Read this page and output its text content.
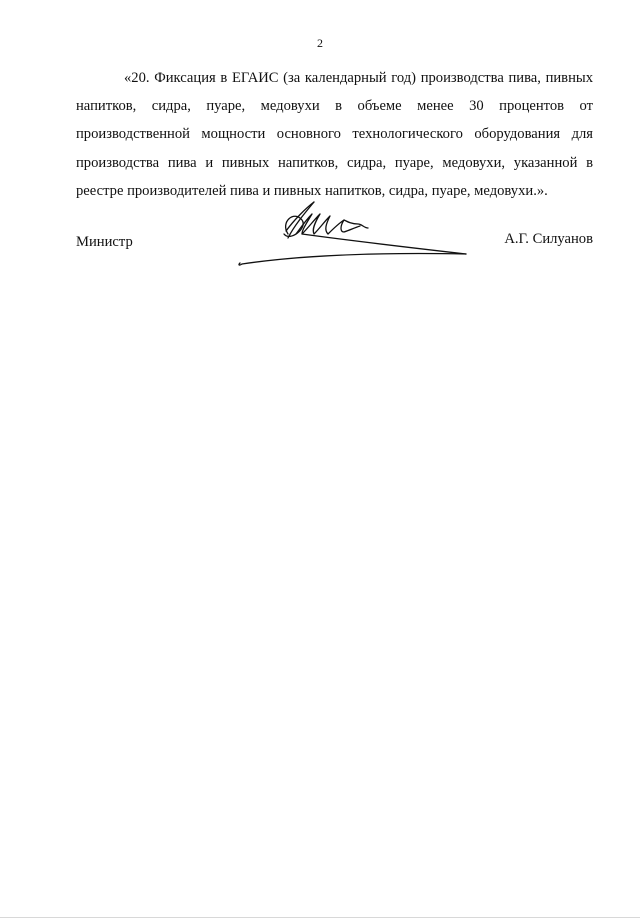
2

«20. Фиксация в ЕГАИС (за календарный год) производства пива, пивных напитков, сидра, пуаре, медовухи в объеме менее 30 процентов от производственной мощности основного технологического оборудования для производства пива и пивных напитков, сидра, пуаре, медовухи, указанной в реестре производителей пива и пивных напитков, сидра, пуаре, медовухи.».

Министр	А.Г. Силуанов
